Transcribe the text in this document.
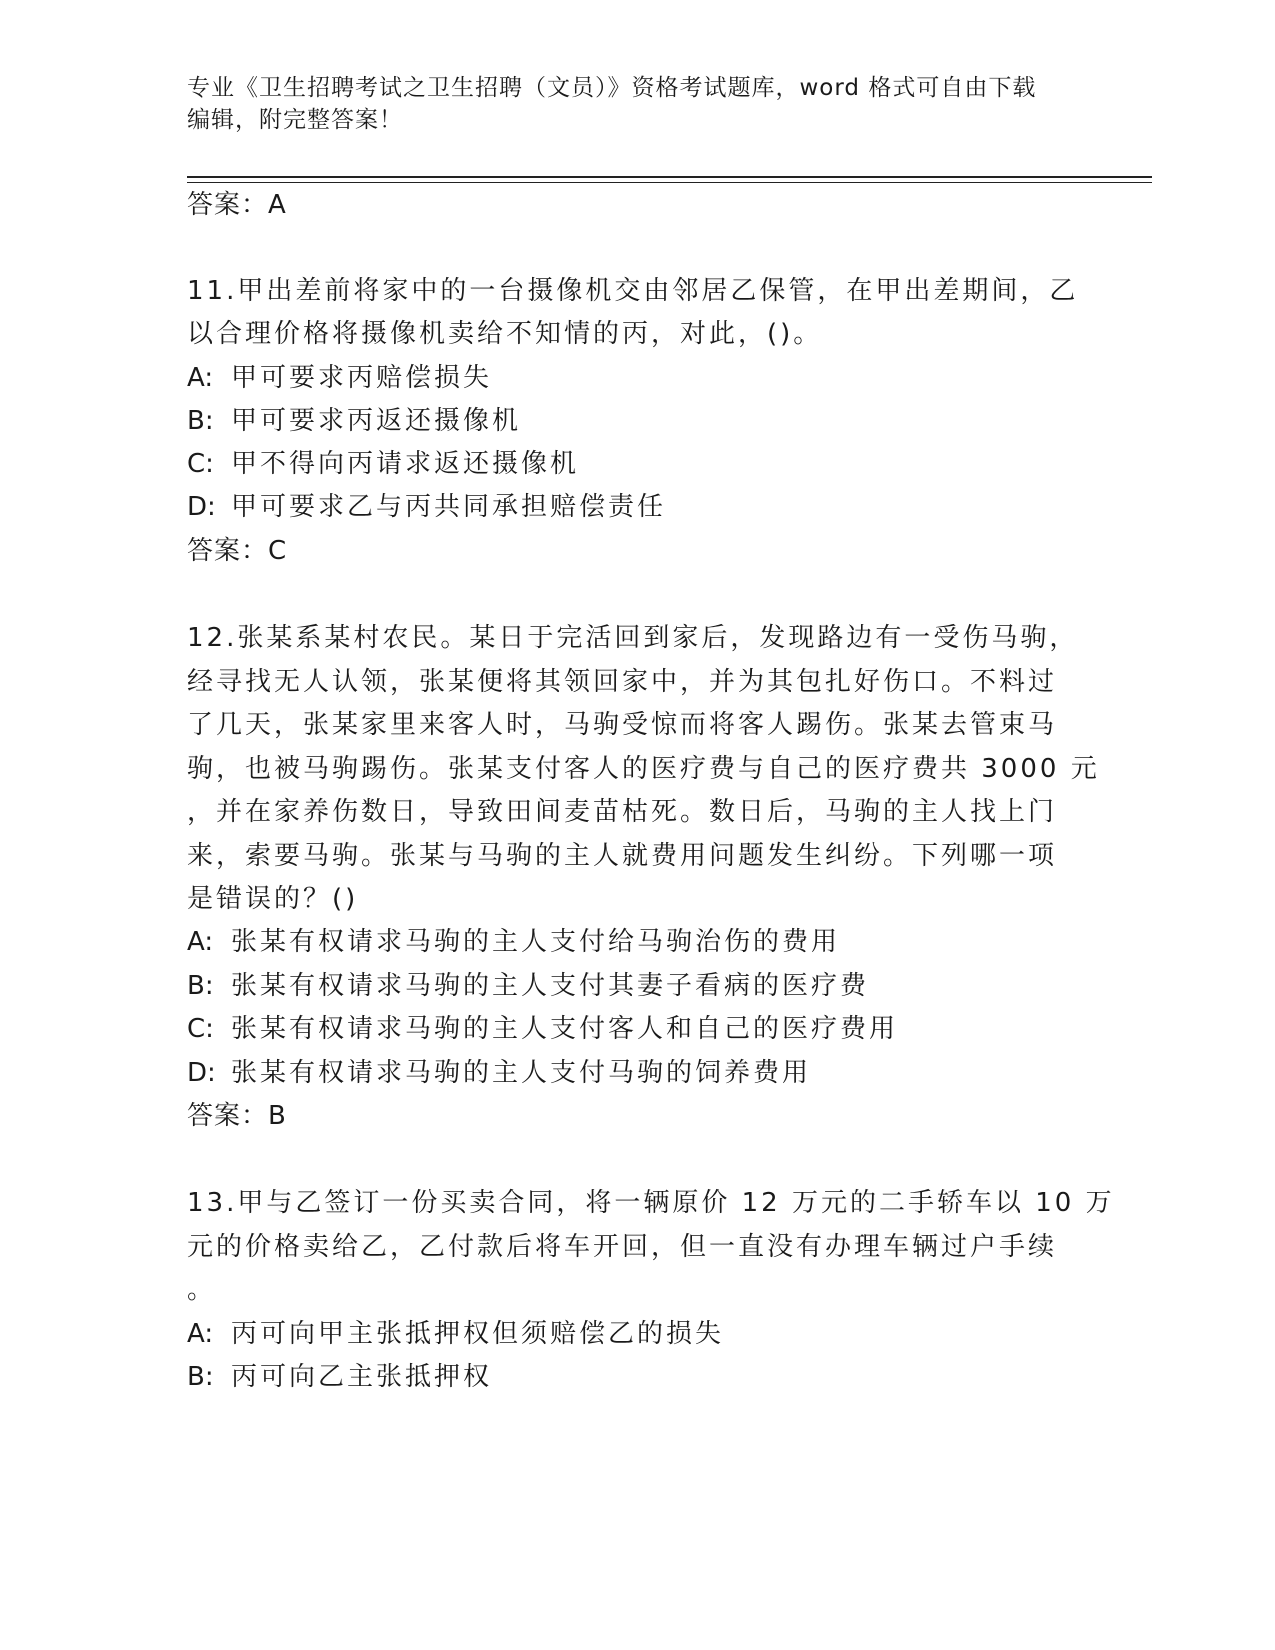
专业《卫生招聘考试之卫生招聘（文员）》资格考试题库，word 格式可自由下载
编辑，附完整答案！
答案：A
11.甲出差前将家中的一台摄像机交由邻居乙保管，在甲出差期间，乙
以合理价格将摄像机卖给不知情的丙，对此，()。
A: 甲可要求丙赔偿损失
B: 甲可要求丙返还摄像机
C: 甲不得向丙请求返还摄像机
D: 甲可要求乙与丙共同承担赔偿责任
答案：C
12.张某系某村农民。某日于完活回到家后，发现路边有一受伤马驹，
经寻找无人认领，张某便将其领回家中，并为其包扎好伤口。不料过
了几天，张某家里来客人时，马驹受惊而将客人踢伤。张某去管束马
驹，也被马驹踢伤。张某支付客人的医疗费与自己的医疗费共 3000 元
，并在家养伤数日，导致田间麦苗枯死。数日后，马驹的主人找上门
来，索要马驹。张某与马驹的主人就费用问题发生纠纷。下列哪一项
是错误的？()
A: 张某有权请求马驹的主人支付给马驹治伤的费用
B: 张某有权请求马驹的主人支付其妻子看病的医疗费
C: 张某有权请求马驹的主人支付客人和自己的医疗费用
D: 张某有权请求马驹的主人支付马驹的饲养费用
答案：B
13.甲与乙签订一份买卖合同，将一辆原价 12 万元的二手轿车以 10 万
元的价格卖给乙，乙付款后将车开回，但一直没有办理车辆过户手续
。
A: 丙可向甲主张抵押权但须赔偿乙的损失
B: 丙可向乙主张抵押权
